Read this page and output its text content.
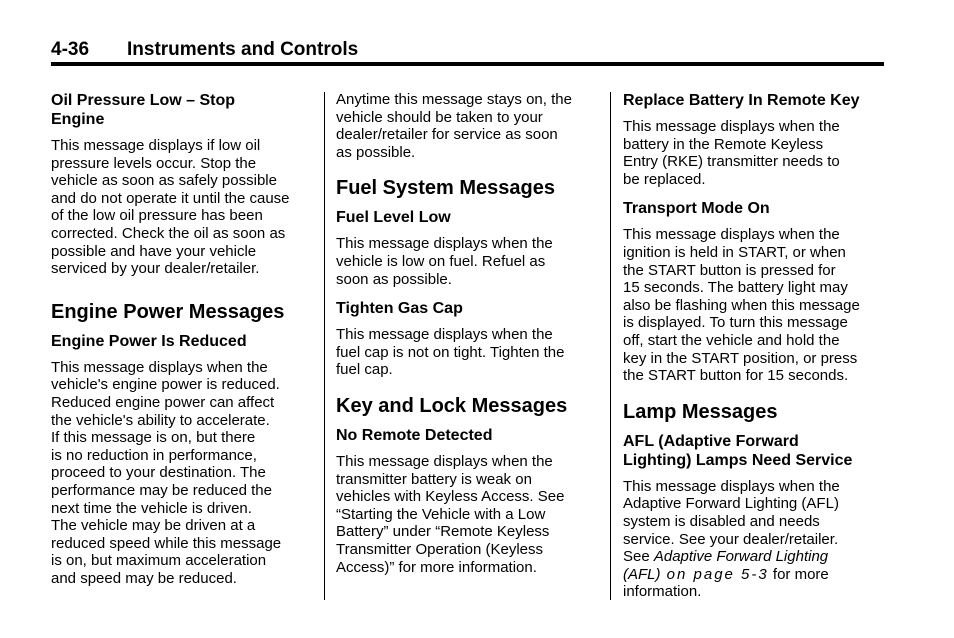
4-36 Instruments and Controls
Oil Pressure Low – Stop
Engine
This message displays if low oil
pressure levels occur. Stop the
vehicle as soon as safely possible
and do not operate it until the cause
of the low oil pressure has been
corrected. Check the oil as soon as
possible and have your vehicle
serviced by your dealer/retailer.
Engine Power Messages
Engine Power Is Reduced
This message displays when the
vehicle's engine power is reduced.
Reduced engine power can affect
the vehicle's ability to accelerate.
If this message is on, but there
is no reduction in performance,
proceed to your destination. The
performance may be reduced the
next time the vehicle is driven.
The vehicle may be driven at a
reduced speed while this message
is on, but maximum acceleration
and speed may be reduced.
Anytime this message stays on, the
vehicle should be taken to your
dealer/retailer for service as soon
as possible.
Fuel System Messages
Fuel Level Low
This message displays when the
vehicle is low on fuel. Refuel as
soon as possible.
Tighten Gas Cap
This message displays when the
fuel cap is not on tight. Tighten the
fuel cap.
Key and Lock Messages
No Remote Detected
This message displays when the
transmitter battery is weak on
vehicles with Keyless Access. See
“Starting the Vehicle with a Low
Battery” under “Remote Keyless
Transmitter Operation (Keyless
Access)” for more information.
Replace Battery In Remote Key
This message displays when the
battery in the Remote Keyless
Entry (RKE) transmitter needs to
be replaced.
Transport Mode On
This message displays when the
ignition is held in START, or when
the START button is pressed for
15 seconds. The battery light may
also be flashing when this message
is displayed. To turn this message
off, start the vehicle and hold the
key in the START position, or press
the START button for 15 seconds.
Lamp Messages
AFL (Adaptive Forward
Lighting) Lamps Need Service
This message displays when the
Adaptive Forward Lighting (AFL)
system is disabled and needs
service. See your dealer/retailer.
See Adaptive Forward Lighting
(AFL) on page 5-3 for more
information.
